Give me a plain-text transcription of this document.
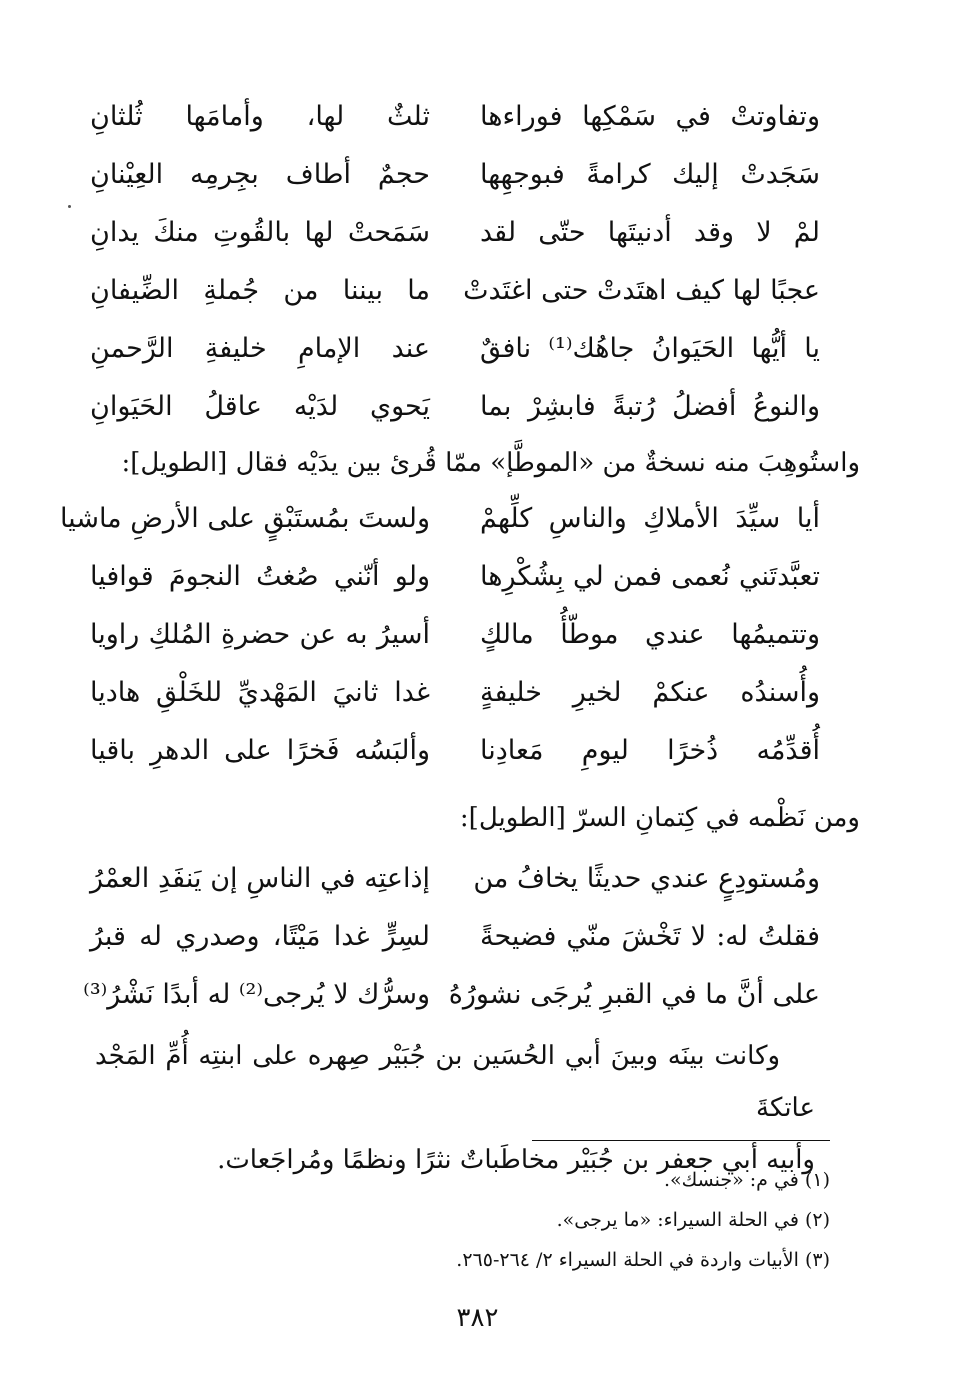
وتفاوتتْ في سَمْكِها فوراءها
ثلثٌ لها، وأمامَها ثُلثانِ
سَجَدتْ إليك كرامةً فبوجهِها
حجمٌ أطاف بجِرمِه العِيْنانِ
لمْ لا وقد أدنيتَها حتّى لقد
سَمَحتْ لها بالقُوتِ منكَ يدانِ
عجبًا لها كيف اهتَدتْ حتى اغتَدتْ
ما بيننا من جُملةِ الضِّيفانِ
يا أيُّها الحَيَوانُ جاهُك⁽¹⁾ نافقٌ
عند الإمامِ خليفةِ الرَّحمنِ
والنوعُ أفضلُ رُتبةً فابشِرْ بما
يَحوي لدَيْه عاقلُ الحَيَوانِ
واستُوهِبَ منه نسخةٌ من «الموطَّإ» ممّا قُرئ بين يدَيْه فقال [الطويل]:
أيا سيِّدَ الأملاكِ والناسِ كلِّهمْ
ولستَ بمُستَبْقٍ على الأرضِ ماشيا
تعبَّدتَني نُعمى فمن لي بِشُكْرِها
ولو أنّني صُغتُ النجومَ قوافيا
وتتميمُها عندي موطّأُ مالكٍ
أسيرُ به عن حضرةِ المُلكِ راويا
وأُسندُه عنكمْ لخيرِ خليفةٍ
غدا ثانيَ المَهْديِّ للخَلْقِ هاديا
أُقدِّمُه ذُخرًا ليومِ مَعادِنا
وألبَسُه فَخرًا على الدهرِ باقيا
ومن نَظْمه في كِتمانِ السرّ [الطويل]:
ومُستودِعٍ عندي حديثًا يخافُ من
إذاعتِه في الناسِ إن يَنفَدِ العمْرُ
فقلتُ له: لا تَخْشَ منّي فضيحةً
لسِرٍّ غدا مَيْتًا، وصدري له قبرُ
على أنَّ ما في القبرِ يُرجَى نشورُهُ
وسرُّك لا يُرجى⁽²⁾ له أبدًا نَشْرُ⁽³⁾

وكانت بينَه وبينَ أبي الحُسَين بن جُبَيْر صِهره على ابنتِه أُمِّ المَجْد عاتكةَ

وأبيه أبي جعفر بن جُبَيْر مخاطَباتٌ نثرًا ونظمًا ومُراجَعات.

(١) في م: «جنسك».
(٢) في الحلة السيراء: «ما يرجى».
(٣) الأبيات واردة في الحلة السيراء ٢/ ٢٦٤-٢٦٥.
٣٨٢
